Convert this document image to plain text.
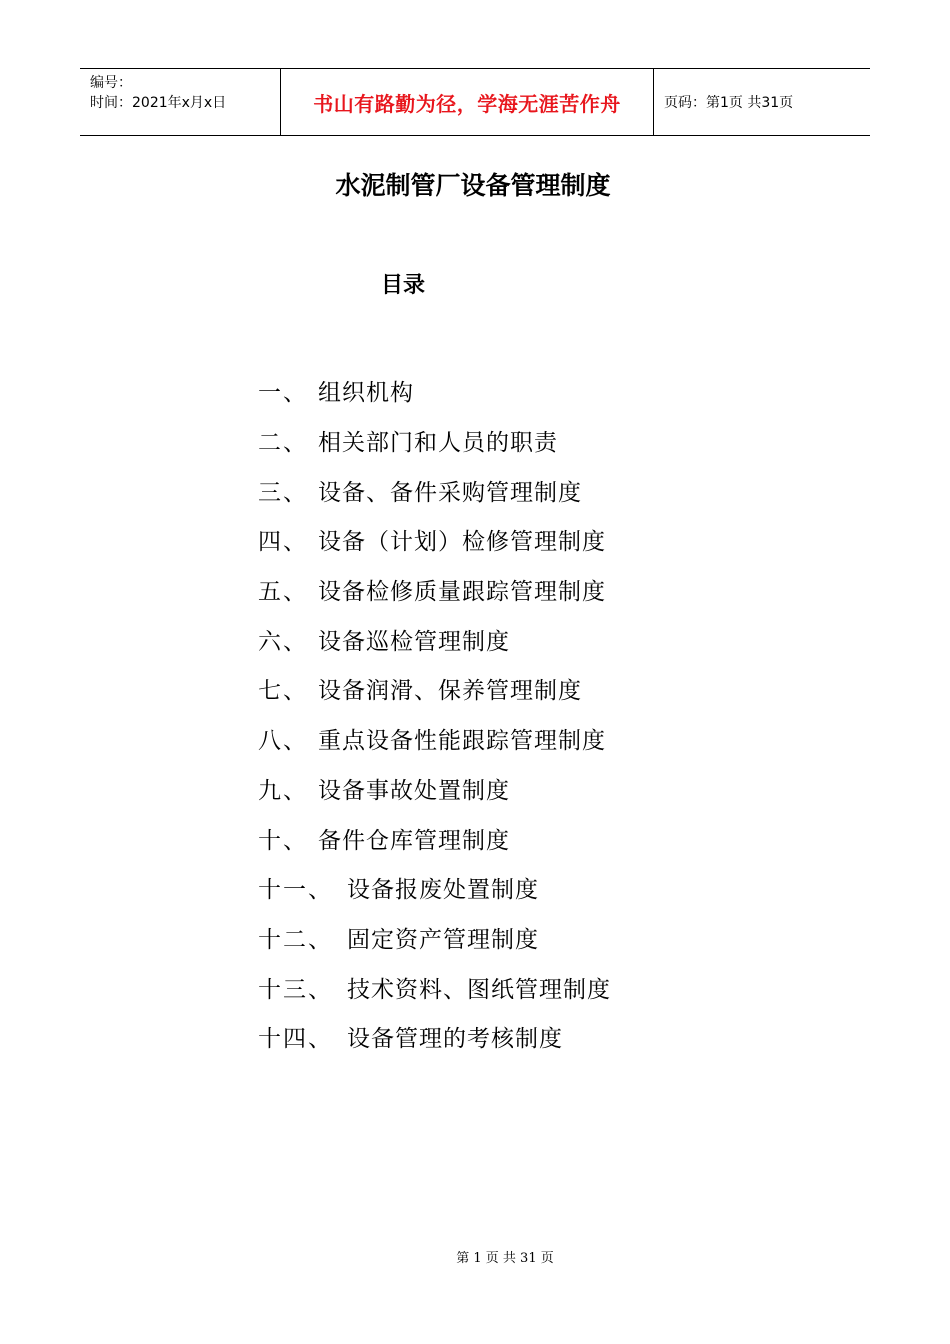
编号：
时间：2021年x月x日	书山有路勤为径，学海无涯苦作舟	页码：第1页 共31页
水泥制管厂设备管理制度
目录
一、 组织机构
二、 相关部门和人员的职责
三、 设备、备件采购管理制度
四、 设备（计划）检修管理制度
五、 设备检修质量跟踪管理制度
六、 设备巡检管理制度
七、 设备润滑、保养管理制度
八、 重点设备性能跟踪管理制度
九、 设备事故处置制度
十、 备件仓库管理制度
十一、 设备报废处置制度
十二、 固定资产管理制度
十三、 技术资料、图纸管理制度
十四、 设备管理的考核制度
第 1 页 共 31 页
